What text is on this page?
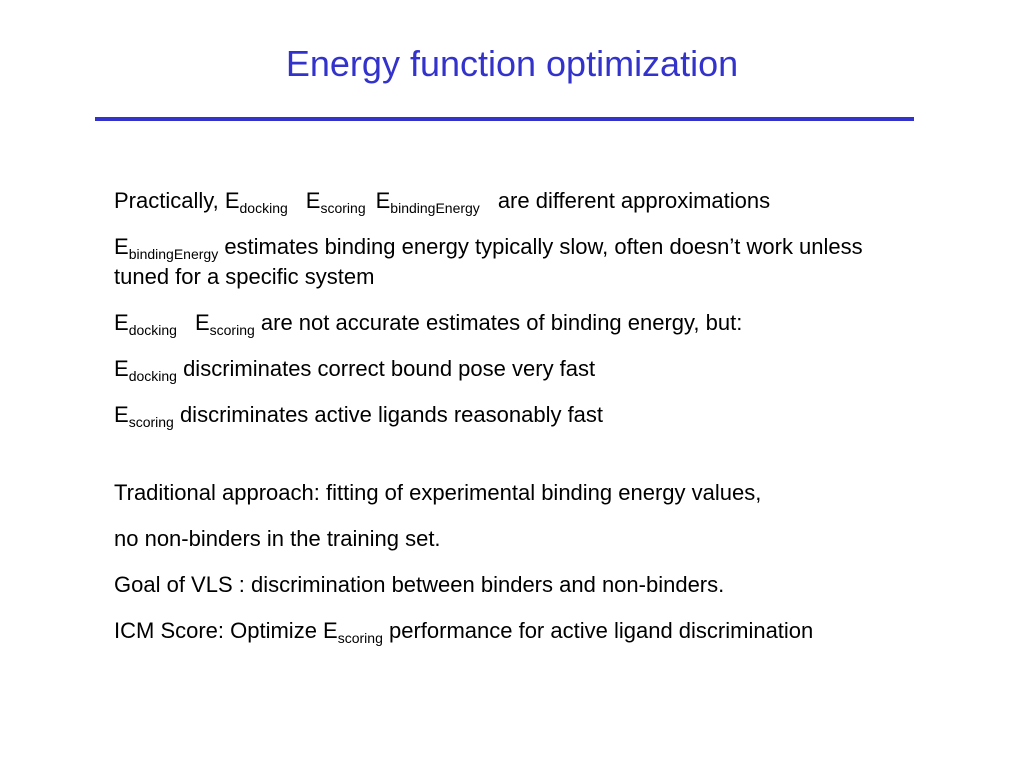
Energy function optimization

Practically, $E_{docking}$ $E_{scoring}$ $E_{bindingEnergy}$ are different approximations

$E_{bindingEnergy}$ estimates binding energy typically slow, often doesn’t work unless tuned for a specific system

$E_{docking}$ $E_{scoring}$ are not accurate estimates of binding energy, but:

$E_{docking}$ discriminates correct bound pose very fast

$E_{scoring}$ discriminates active ligands reasonably fast

Traditional approach: fitting of experimental binding energy values,

no non-binders in the training set.

Goal of VLS : discrimination between binders and non-binders.

ICM Score: Optimize $E_{scoring}$ performance for active ligand discrimination
